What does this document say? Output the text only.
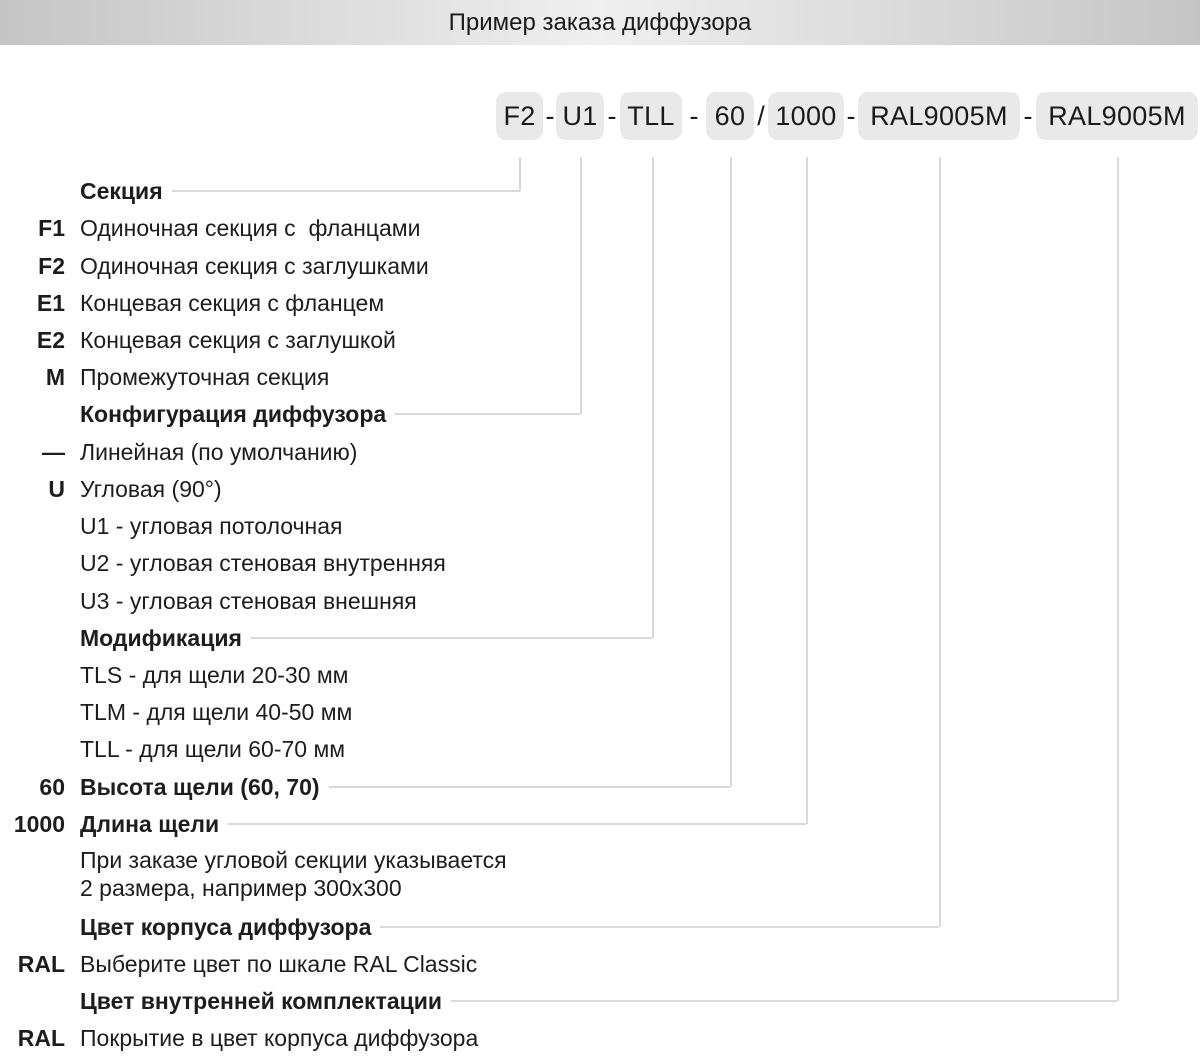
Пример заказа диффузора
F2 - U1 - TLL - 60 / 1000 - RAL9005M - RAL9005M
Секция
F1 Одиночная секция с  фланцами
F2 Одиночная секция с заглушками
E1 Концевая секция с фланцем
E2 Концевая секция с заглушкой
M Промежуточная секция
Конфигурация диффузора
— Линейная (по умолчанию)
U Угловая (90°)
U1 - угловая потолочная
U2 - угловая стеновая внутренняя
U3 - угловая стеновая внешняя
Модификация
TLS - для щели 20-30 мм
TLM - для щели 40-50 мм
TLL - для щели 60-70 мм
60 Высота щели (60, 70)
1000 Длина щели
При заказе угловой секции указывается
2 размера, например 300х300
Цвет корпуса диффузора
RAL Выберите цвет по шкале RAL Classic
Цвет внутренней комплектации
RAL Покрытие в цвет корпуса диффузора
